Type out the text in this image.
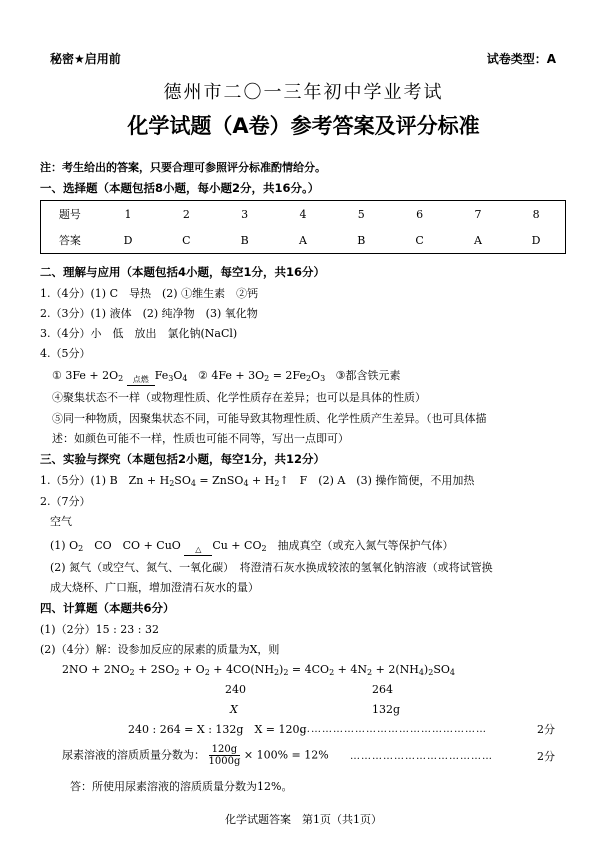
秘密★启用前	试卷类型：A
德州市二〇一三年初中学业考试
化学试题（A卷）参考答案及评分标准
注：考生给出的答案，只要合理可参照评分标准酌情给分。
一、选择题（本题包括8小题，每小题2分，共16分。）
题号	1	2	3	4	5	6	7	8
答案	D	C	B	A	B	C	A	D
二、理解与应用（本题包括4小题，每空1分，共16分）
1.（4分）(1) C　导热　(2) ①维生素　②钙
2.（3分）(1) 液体　(2) 纯净物　(3) 氧化物
3.（4分）小　低　放出　氯化钠(NaCl)
4.（5分）
① $3Fe + 2O_2$	点燃 $Fe_3O_4$ ② $4Fe + 3O_2 = 2Fe_2O_3$ ③都含铁元素
④聚集状态不一样（或物理性质、化学性质存在差异；也可以是具体的性质）
⑤同一种物质，因聚集状态不同，可能导致其物理性质、化学性质产生差异。（也可具体描
述：如颜色可能不一样，性质也可能不同等，写出一点即可）
三、实验与探究（本题包括2小题，每空1分，共12分）
1.（5分）(1) B　$Zn + H_2SO_4$ = ZnSO$_4$ + $H_2↑$　F　(2) A　(3) 操作简便，不用加热
2.（7分）
空气
(1) $O_2$　CO　CO + CuO	△ $Cu + CO_2$　抽成真空（或充入氮气等保护气体）
(2) 氮气（或空气、氮气、一氧化碳）　将澄清石灰水换成较浓的氢氧化钠溶液（或将试管换
成大烧杯、广口瓶，增加澄清石灰水的量）
四、计算题（本题共6分）
(1)（2分）15 : 23 : 32
(2)（4分）解：设参加反应的尿素的质量为X，则
$2NO + 2NO_2 + 2SO_2 + O_2 + 4CO(NH_2)_2 = 4CO_2 + 4N_2 + 2(NH_4)_2SO_4$
240	264
X	132g
240 : 264 = X : 132g　X = 120g
……………………………………………	2分
尿素溶液的溶质质量分数为： $\frac{120g}{1000g} \times 100\% = 12\%$ …………………………………	2分
答：所使用尿素溶液的溶质质量分数为12%。
化学试题答案　第1页（共1页）
